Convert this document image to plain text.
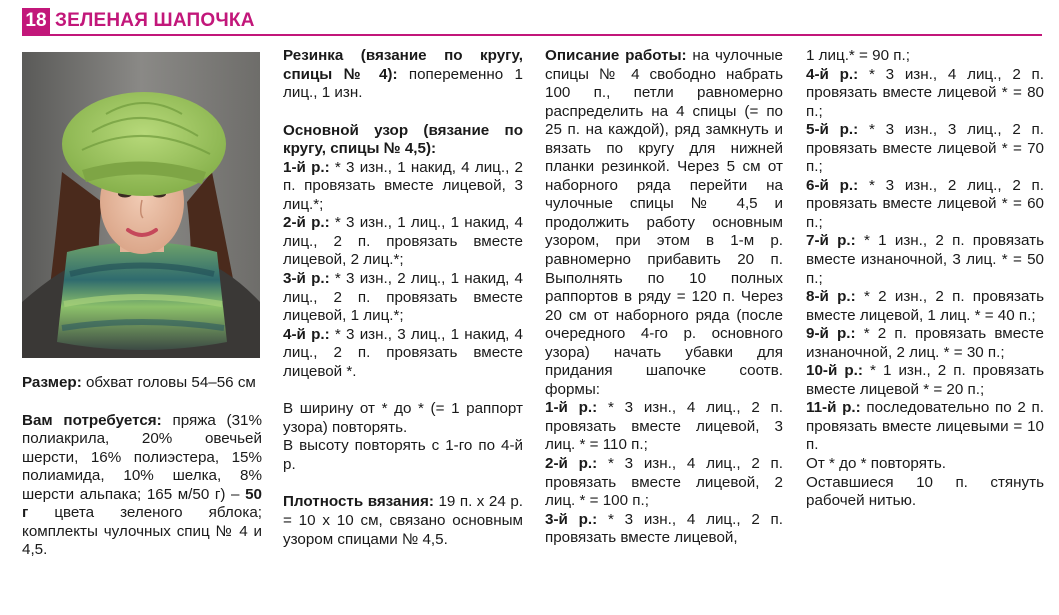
18 ЗЕЛЕНАЯ ШАПОЧКА

Размер: обхват головы 54–56 см

Вам потребуется: пряжа (31% полиакрила, 20% овечьей шерсти, 16% полиэстера, 15% полиамида, 10% шелка, 8% шерсти альпака; 165 м/50 г) – 50 г цвета зеленого яблока; комплекты чулочных спиц № 4 и 4,5.

Резинка (вязание по кругу, спицы № 4): попеременно 1 лиц., 1 изн.

Основной узор (вязание по кругу, спицы № 4,5):

1-й р.: * 3 изн., 1 накид, 4 лиц., 2 п. провязать вместе лицевой, 3 лиц.*;

2-й р.: * 3 изн., 1 лиц., 1 накид, 4 лиц., 2 п. провязать вместе лицевой, 2 лиц.*;

3-й р.: * 3 изн., 2 лиц., 1 накид, 4 лиц., 2 п. провязать вместе лицевой, 1 лиц.*;

4-й р.: * 3 изн., 3 лиц., 1 накид, 4 лиц., 2 п. провязать вместе лицевой *.

В ширину от * до * (= 1 раппорт узора) повторять.

В высоту повторять с 1-го по 4-й р.

Плотность вязания: 19 п. х 24 р. = 10 х 10 см, связано основным узором спицами № 4,5.

Описание работы: на чулочные спицы № 4 свободно набрать 100 п., петли равномерно распределить на 4 спицы (= по 25 п. на каждой), ряд замкнуть и вязать по кругу для нижней планки резинкой. Через 5 см от наборного ряда перейти на чулочные спицы № 4,5 и продолжить работу основным узором, при этом в 1-м р. равномерно прибавить 20 п. Выполнять по 10 полных раппортов в ряду = 120 п. Через 20 см от наборного ряда (после очередного 4-го р. основного узора) начать убавки для придания шапочке соотв. формы:

1-й р.: * 3 изн., 4 лиц., 2 п. провязать вместе лицевой, 3 лиц. * = 110 п.;

2-й р.: * 3 изн., 4 лиц., 2 п. провязать вместе лицевой, 2 лиц. * = 100 п.;

3-й р.: * 3 изн., 4 лиц., 2 п. провязать вместе лицевой,

1 лиц.* = 90 п.;

4-й р.: * 3 изн., 4 лиц., 2 п. провязать вместе лицевой * = 80 п.;

5-й р.: * 3 изн., 3 лиц., 2 п. провязать вместе лицевой * = 70 п.;

6-й р.: * 3 изн., 2 лиц., 2 п. провязать вместе лицевой * = 60 п.;

7-й р.: * 1 изн., 2 п. провязать вместе изнаночной, 3 лиц. * = 50 п.;

8-й р.: * 2 изн., 2 п. провязать вместе лицевой, 1 лиц. * = 40 п.;

9-й р.: * 2 п. провязать вместе изнаночной, 2 лиц. * = 30 п.;

10-й р.: * 1 изн., 2 п. провязать вместе лицевой * = 20 п.;

11-й р.: последовательно по 2 п. провязать вместе лицевыми = 10 п.

От * до * повторять.

Оставшиеся 10 п. стянуть рабочей нитью.
